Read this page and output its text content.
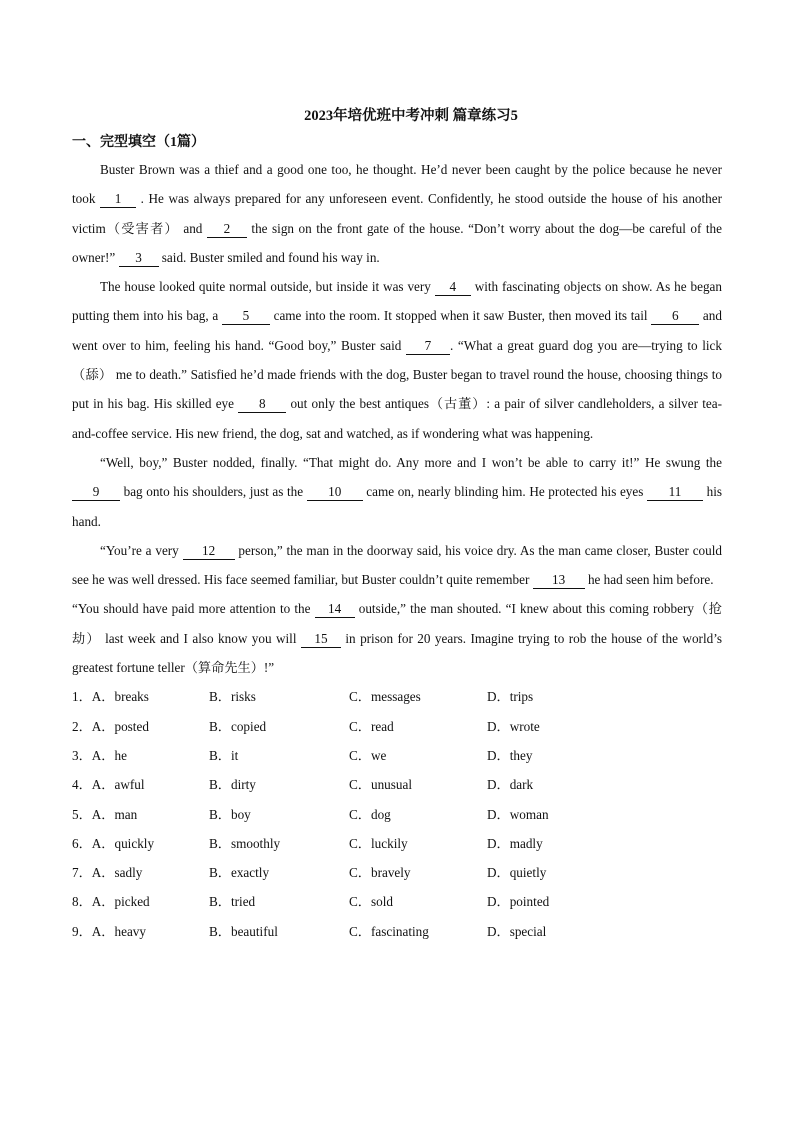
2023年培优班中考冲刺 篇章练习5
一、完型填空（1篇）

Buster Brown was a thief and a good one too, he thought. He’d never been caught by the police because he never took 1 . He was always prepared for any unforeseen event. Confidently, he stood outside the house of his another victim（受害者） and 2 the sign on the front gate of the house. “Don’t worry about the dog—be careful of the owner!” 3 said. Buster smiled and found his way in.

The house looked quite normal outside, but inside it was very 4 with fascinating objects on show. As he began putting them into his bag, a 5 came into the room. It stopped when it saw Buster, then moved its tail 6 and went over to him, feeling his hand. “Good boy,” Buster said 7 . “What a great guard dog you are—trying to lick（舔） me to death.” Satisfied he’d made friends with the dog, Buster began to travel round the house, choosing things to put in his bag. His skilled eye 8 out only the best antiques（古董）: a pair of silver candleholders, a silver tea-and-coffee service. His new friend, the dog, sat and watched, as if wondering what was happening.

“Well, boy,” Buster nodded, finally. “That might do. Any more and I won’t be able to carry it!” He swung the 9 bag onto his shoulders, just as the 10 came on, nearly blinding him. He protected his eyes 11 his hand.

“You’re a very 12 person,” the man in the doorway said, his voice dry. As the man came closer, Buster could see he was well dressed. His face seemed familiar, but Buster couldn’t quite remember 13 he had seen him before.

“You should have paid more attention to the 14 outside,” the man shouted. “I knew about this coming robbery（抢劫） last week and I also know you will 15 in prison for 20 years. Imagine trying to rob the house of the world’s greatest fortune teller（算命先生）!”

1．A．breaks	B．risks	C．messages	D．trips
2．A．posted	B．copied	C．read	D．wrote
3．A．he	B．it	C．we	D．they
4．A．awful	B．dirty	C．unusual	D．dark
5．A．man	B．boy	C．dog	D．woman
6．A．quickly	B．smoothly	C．luckily	D．madly
7．A．sadly	B．exactly	C．bravely	D．quietly
8．A．picked	B．tried	C．sold	D．pointed
9．A．heavy	B．beautiful	C．fascinating	D．special
